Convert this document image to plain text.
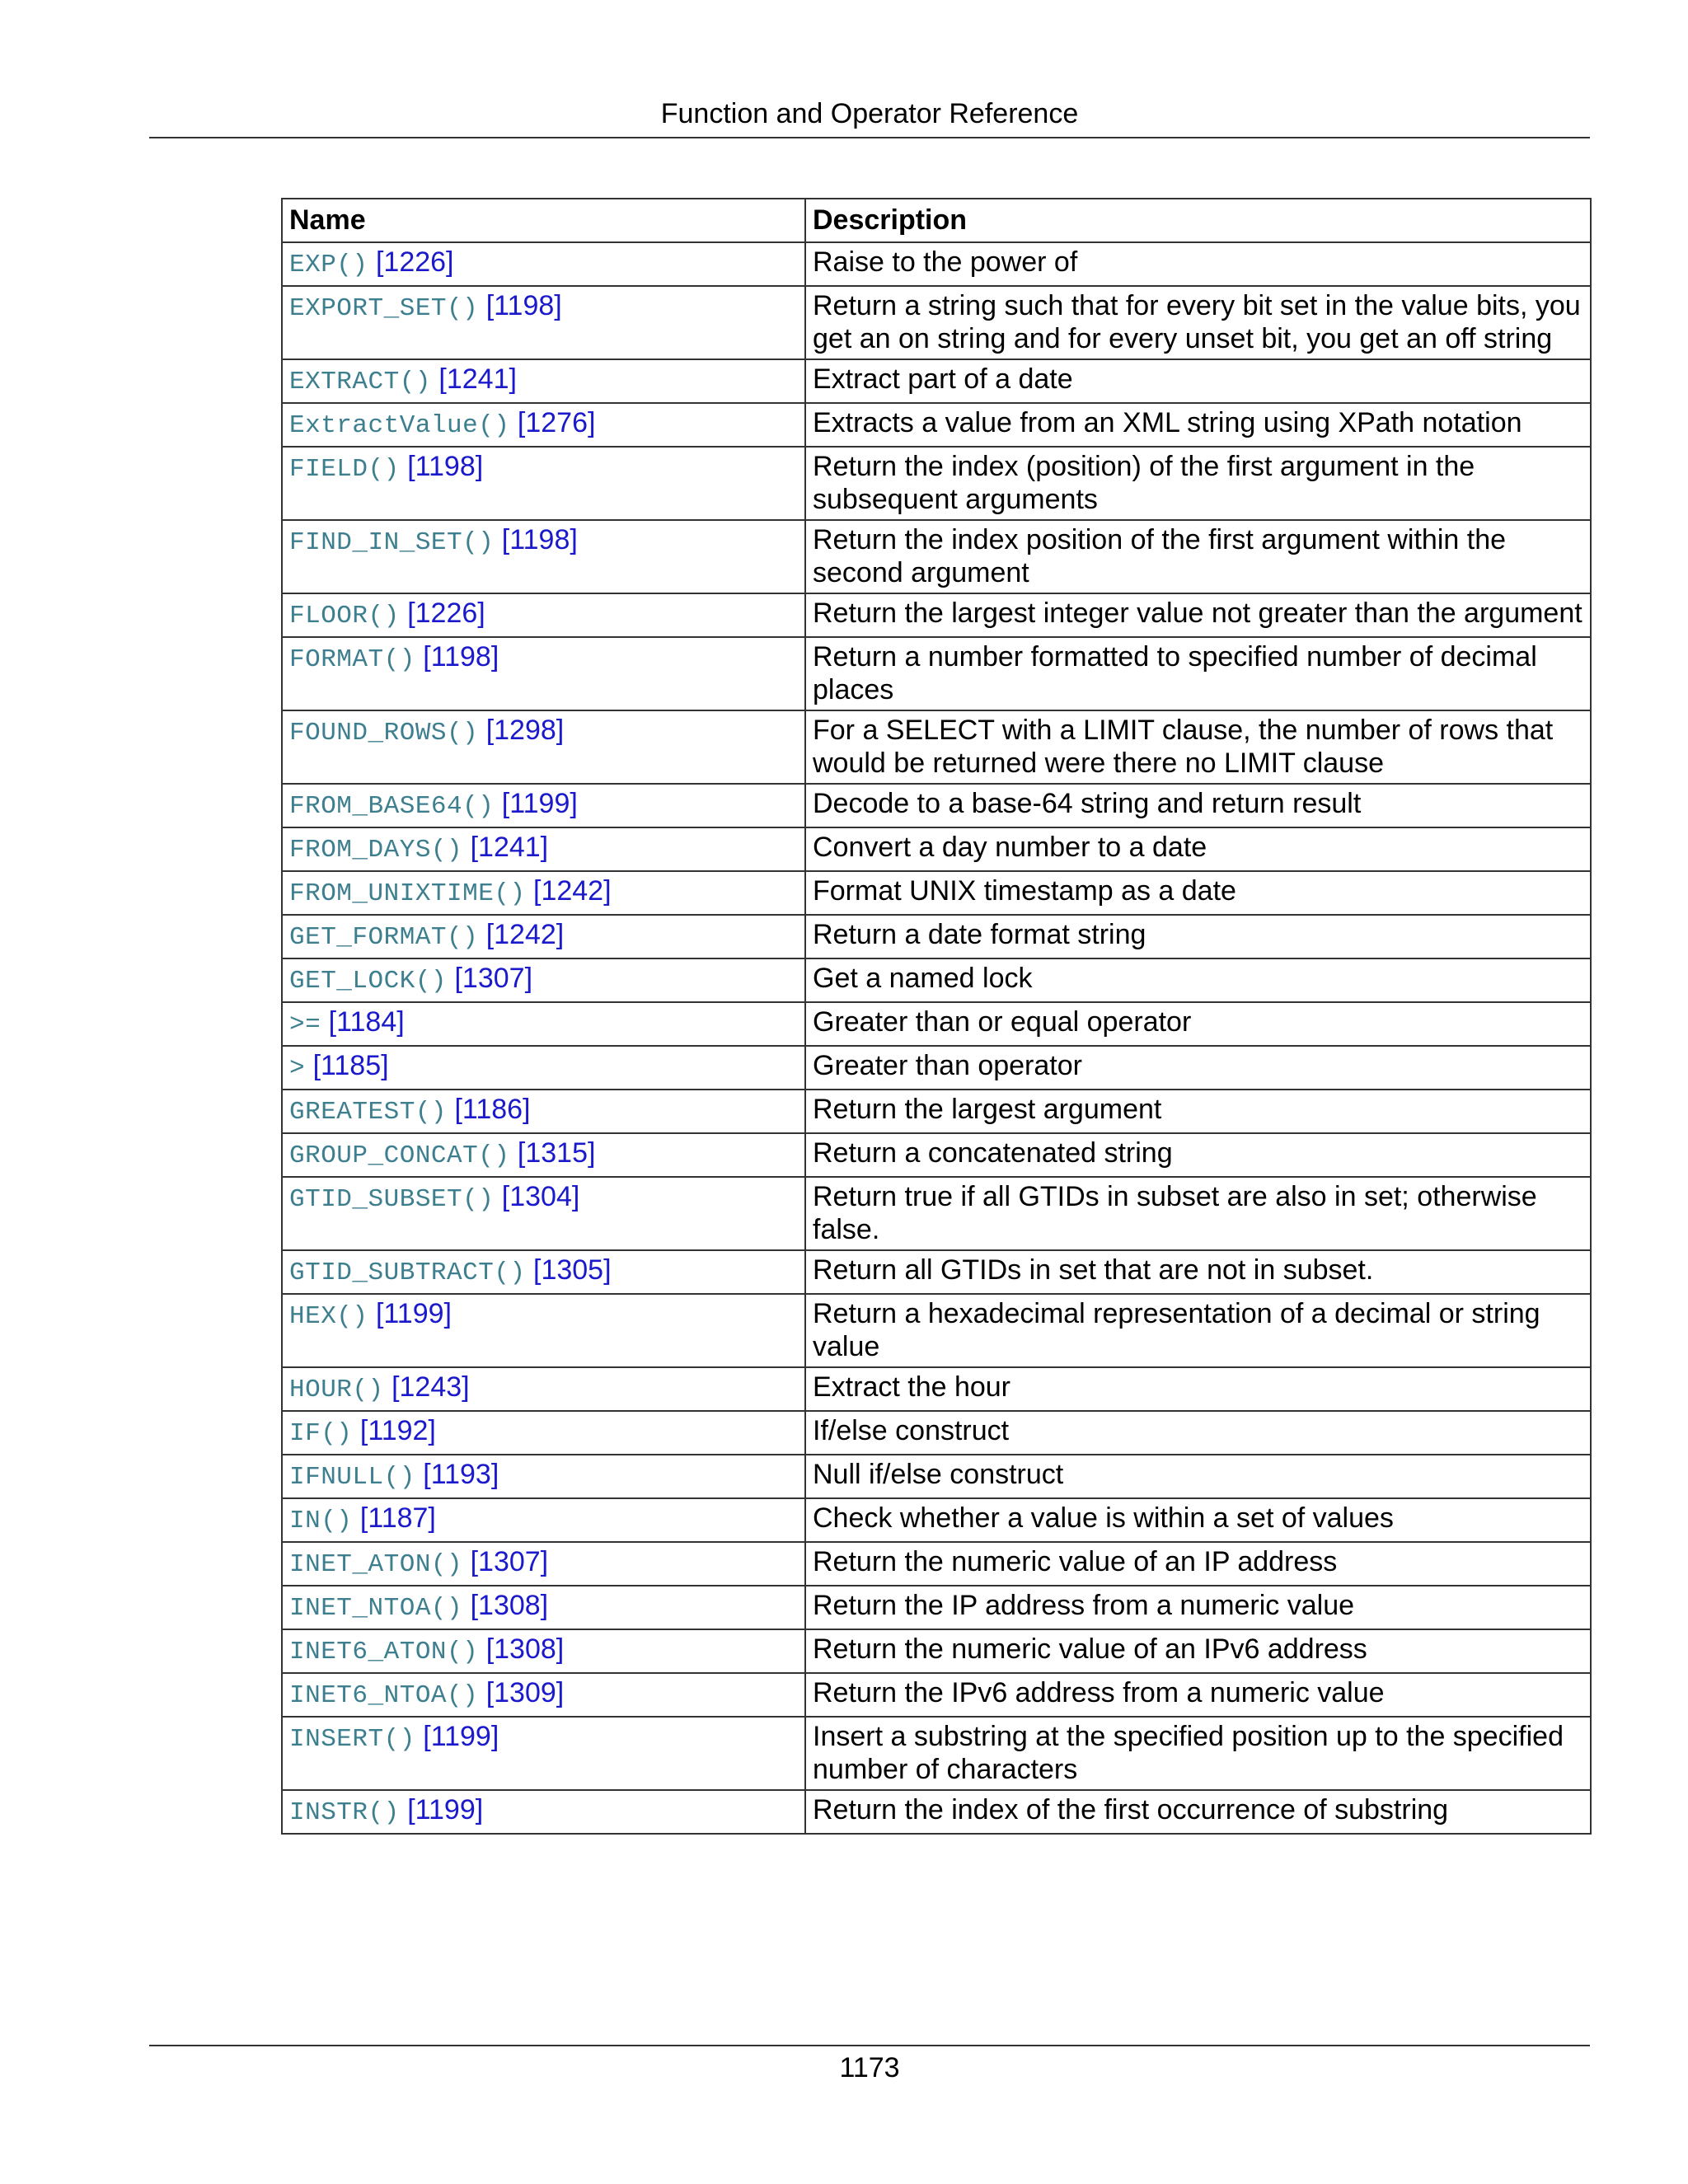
Function and Operator Reference
Name	Description
EXP() [1226]	Raise to the power of
EXPORT_SET() [1198]	Return a string such that for every bit set in the value bits, you get an on string and for every unset bit, you get an off string
EXTRACT() [1241]	Extract part of a date
ExtractValue() [1276]	Extracts a value from an XML string using XPath notation
FIELD() [1198]	Return the index (position) of the first argument in the subsequent arguments
FIND_IN_SET() [1198]	Return the index position of the first argument within the second argument
FLOOR() [1226]	Return the largest integer value not greater than the argument
FORMAT() [1198]	Return a number formatted to specified number of decimal places
FOUND_ROWS() [1298]	For a SELECT with a LIMIT clause, the number of rows that would be returned were there no LIMIT clause
FROM_BASE64() [1199]	Decode to a base-64 string and return result
FROM_DAYS() [1241]	Convert a day number to a date
FROM_UNIXTIME() [1242]	Format UNIX timestamp as a date
GET_FORMAT() [1242]	Return a date format string
GET_LOCK() [1307]	Get a named lock
>= [1184]	Greater than or equal operator
> [1185]	Greater than operator
GREATEST() [1186]	Return the largest argument
GROUP_CONCAT() [1315]	Return a concatenated string
GTID_SUBSET() [1304]	Return true if all GTIDs in subset are also in set; otherwise false.
GTID_SUBTRACT() [1305]	Return all GTIDs in set that are not in subset.
HEX() [1199]	Return a hexadecimal representation of a decimal or string value
HOUR() [1243]	Extract the hour
IF() [1192]	If/else construct
IFNULL() [1193]	Null if/else construct
IN() [1187]	Check whether a value is within a set of values
INET_ATON() [1307]	Return the numeric value of an IP address
INET_NTOA() [1308]	Return the IP address from a numeric value
INET6_ATON() [1308]	Return the numeric value of an IPv6 address
INET6_NTOA() [1309]	Return the IPv6 address from a numeric value
INSERT() [1199]	Insert a substring at the specified position up to the specified number of characters
INSTR() [1199]	Return the index of the first occurrence of substring
1173
